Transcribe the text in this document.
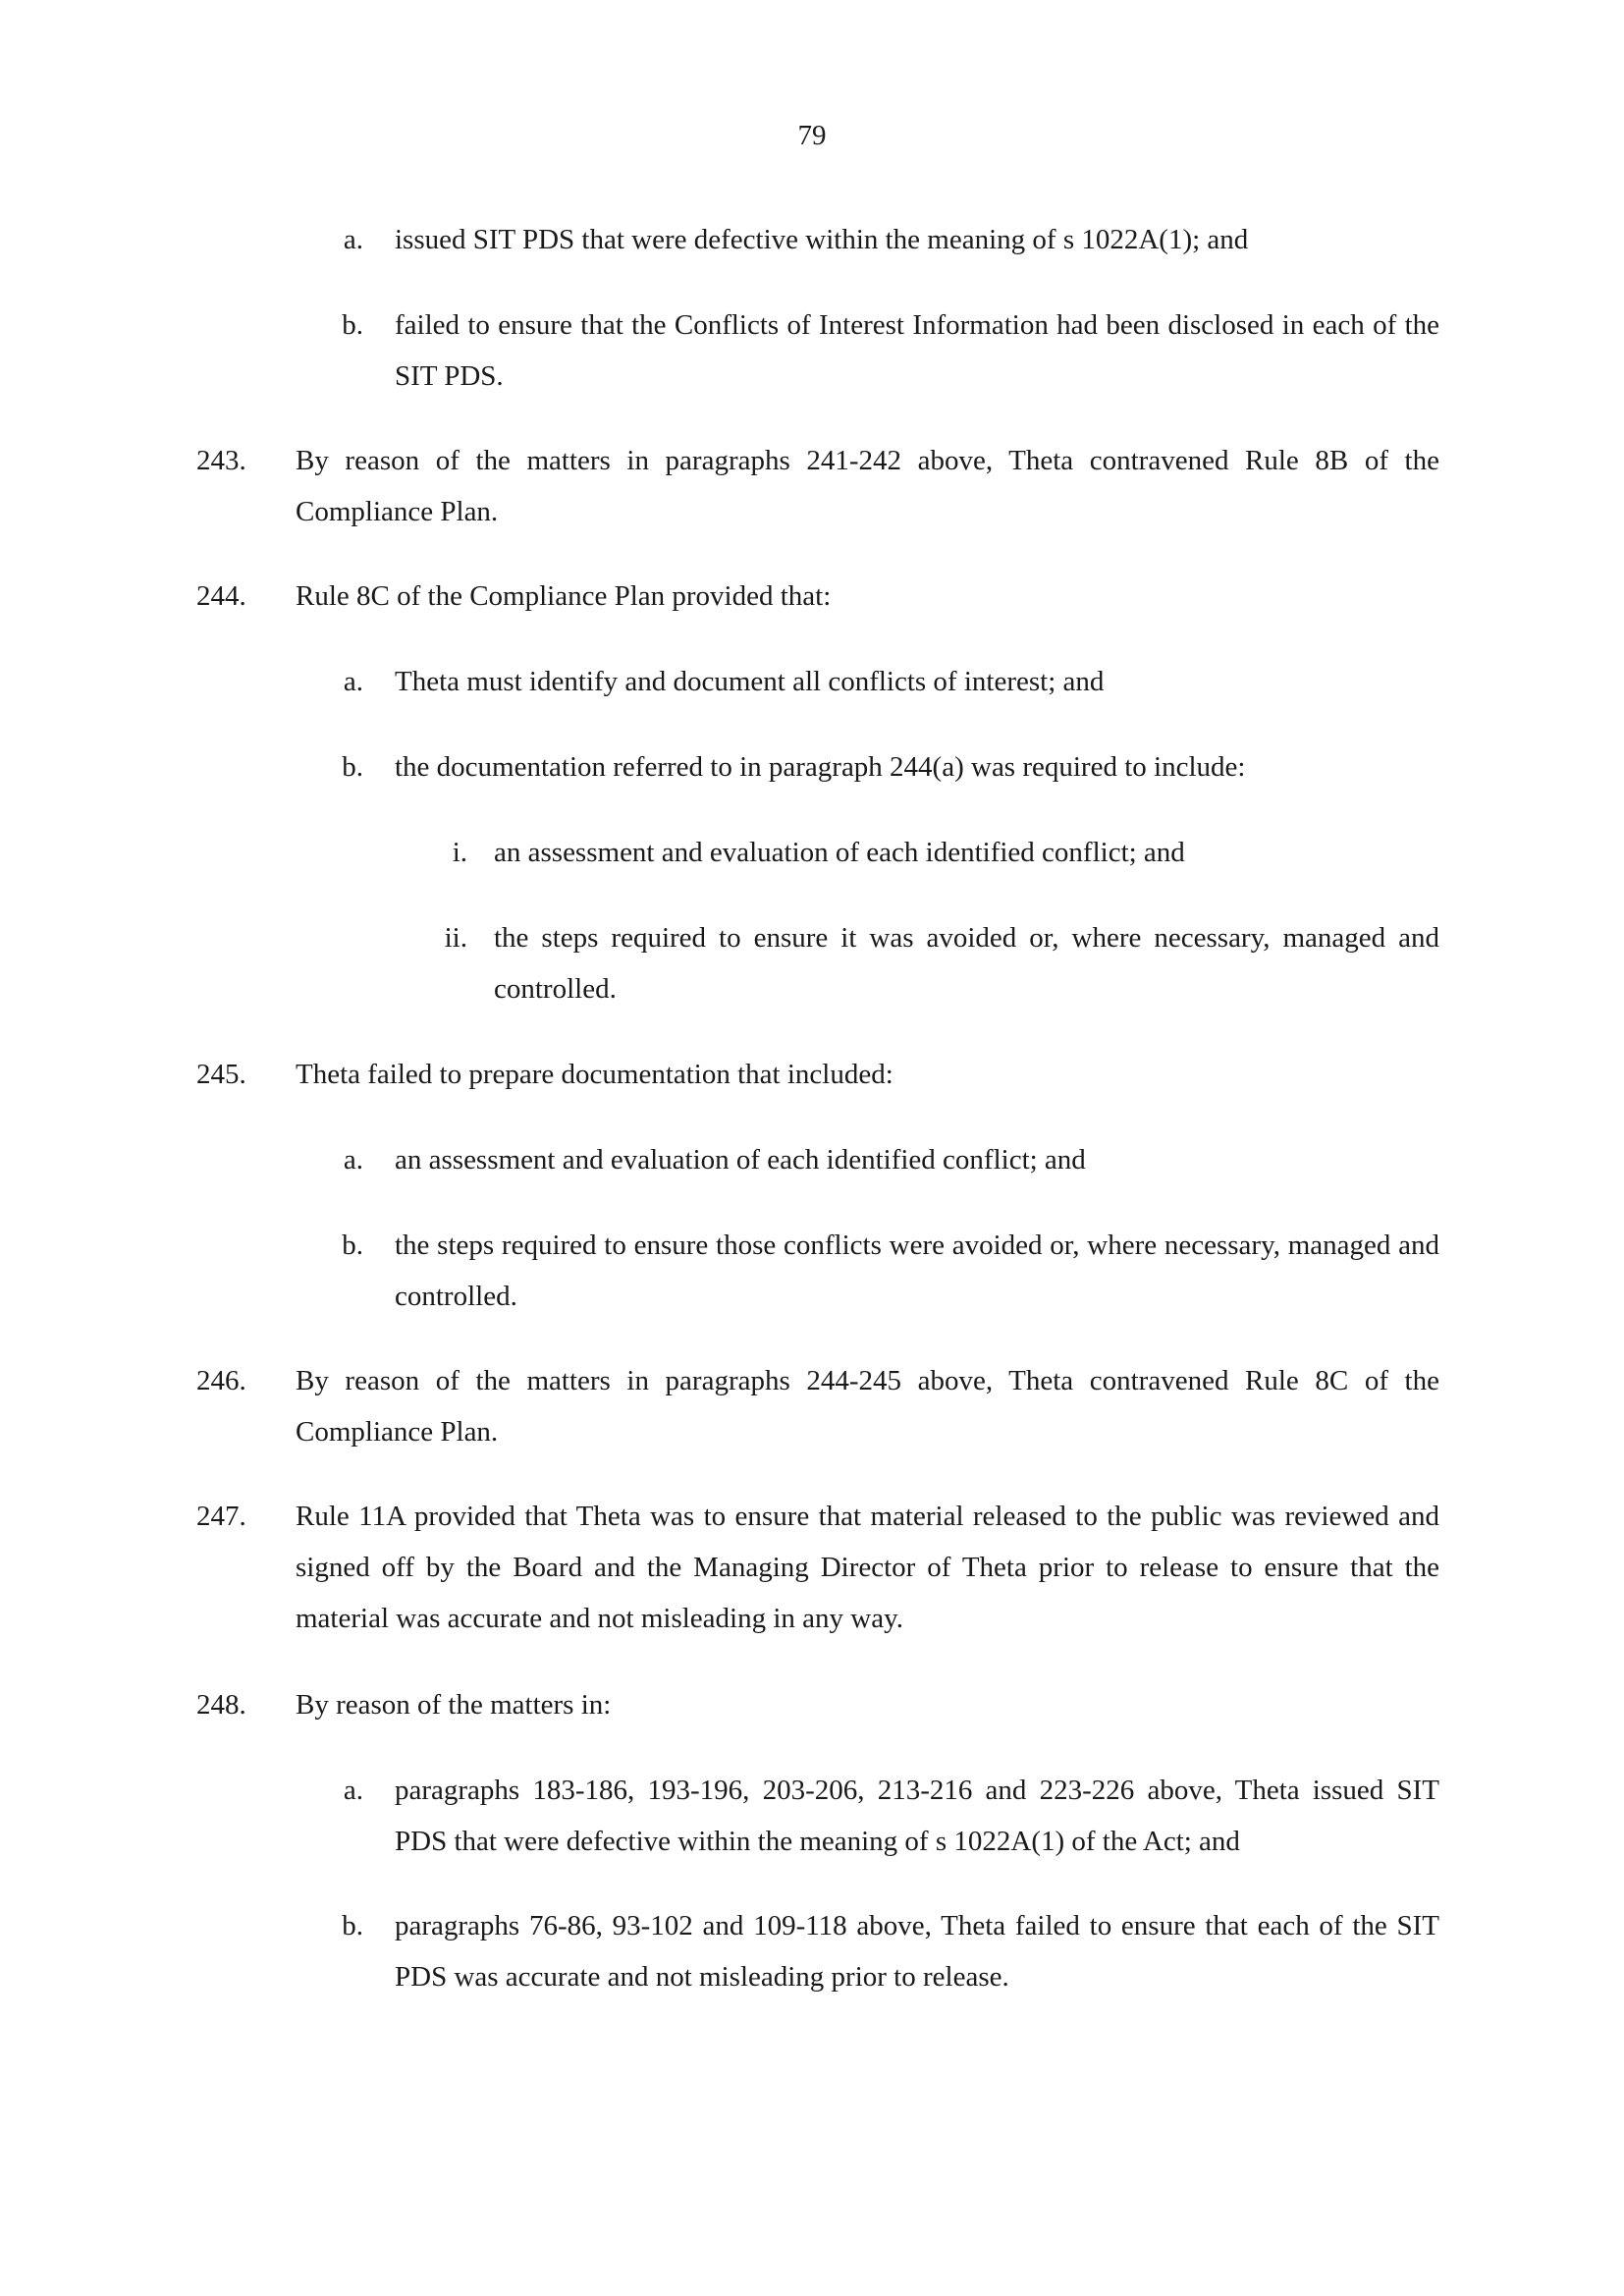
79
a. issued SIT PDS that were defective within the meaning of s 1022A(1); and
b. failed to ensure that the Conflicts of Interest Information had been disclosed in each of the SIT PDS.
243. By reason of the matters in paragraphs 241-242 above, Theta contravened Rule 8B of the Compliance Plan.
244. Rule 8C of the Compliance Plan provided that:
a. Theta must identify and document all conflicts of interest; and
b. the documentation referred to in paragraph 244(a) was required to include:
i. an assessment and evaluation of each identified conflict; and
ii. the steps required to ensure it was avoided or, where necessary, managed and controlled.
245. Theta failed to prepare documentation that included:
a. an assessment and evaluation of each identified conflict; and
b. the steps required to ensure those conflicts were avoided or, where necessary, managed and controlled.
246. By reason of the matters in paragraphs 244-245 above, Theta contravened Rule 8C of the Compliance Plan.
247. Rule 11A provided that Theta was to ensure that material released to the public was reviewed and signed off by the Board and the Managing Director of Theta prior to release to ensure that the material was accurate and not misleading in any way.
248. By reason of the matters in:
a. paragraphs 183-186, 193-196, 203-206, 213-216 and 223-226 above, Theta issued SIT PDS that were defective within the meaning of s 1022A(1) of the Act; and
b. paragraphs 76-86, 93-102 and 109-118 above, Theta failed to ensure that each of the SIT PDS was accurate and not misleading prior to release.
